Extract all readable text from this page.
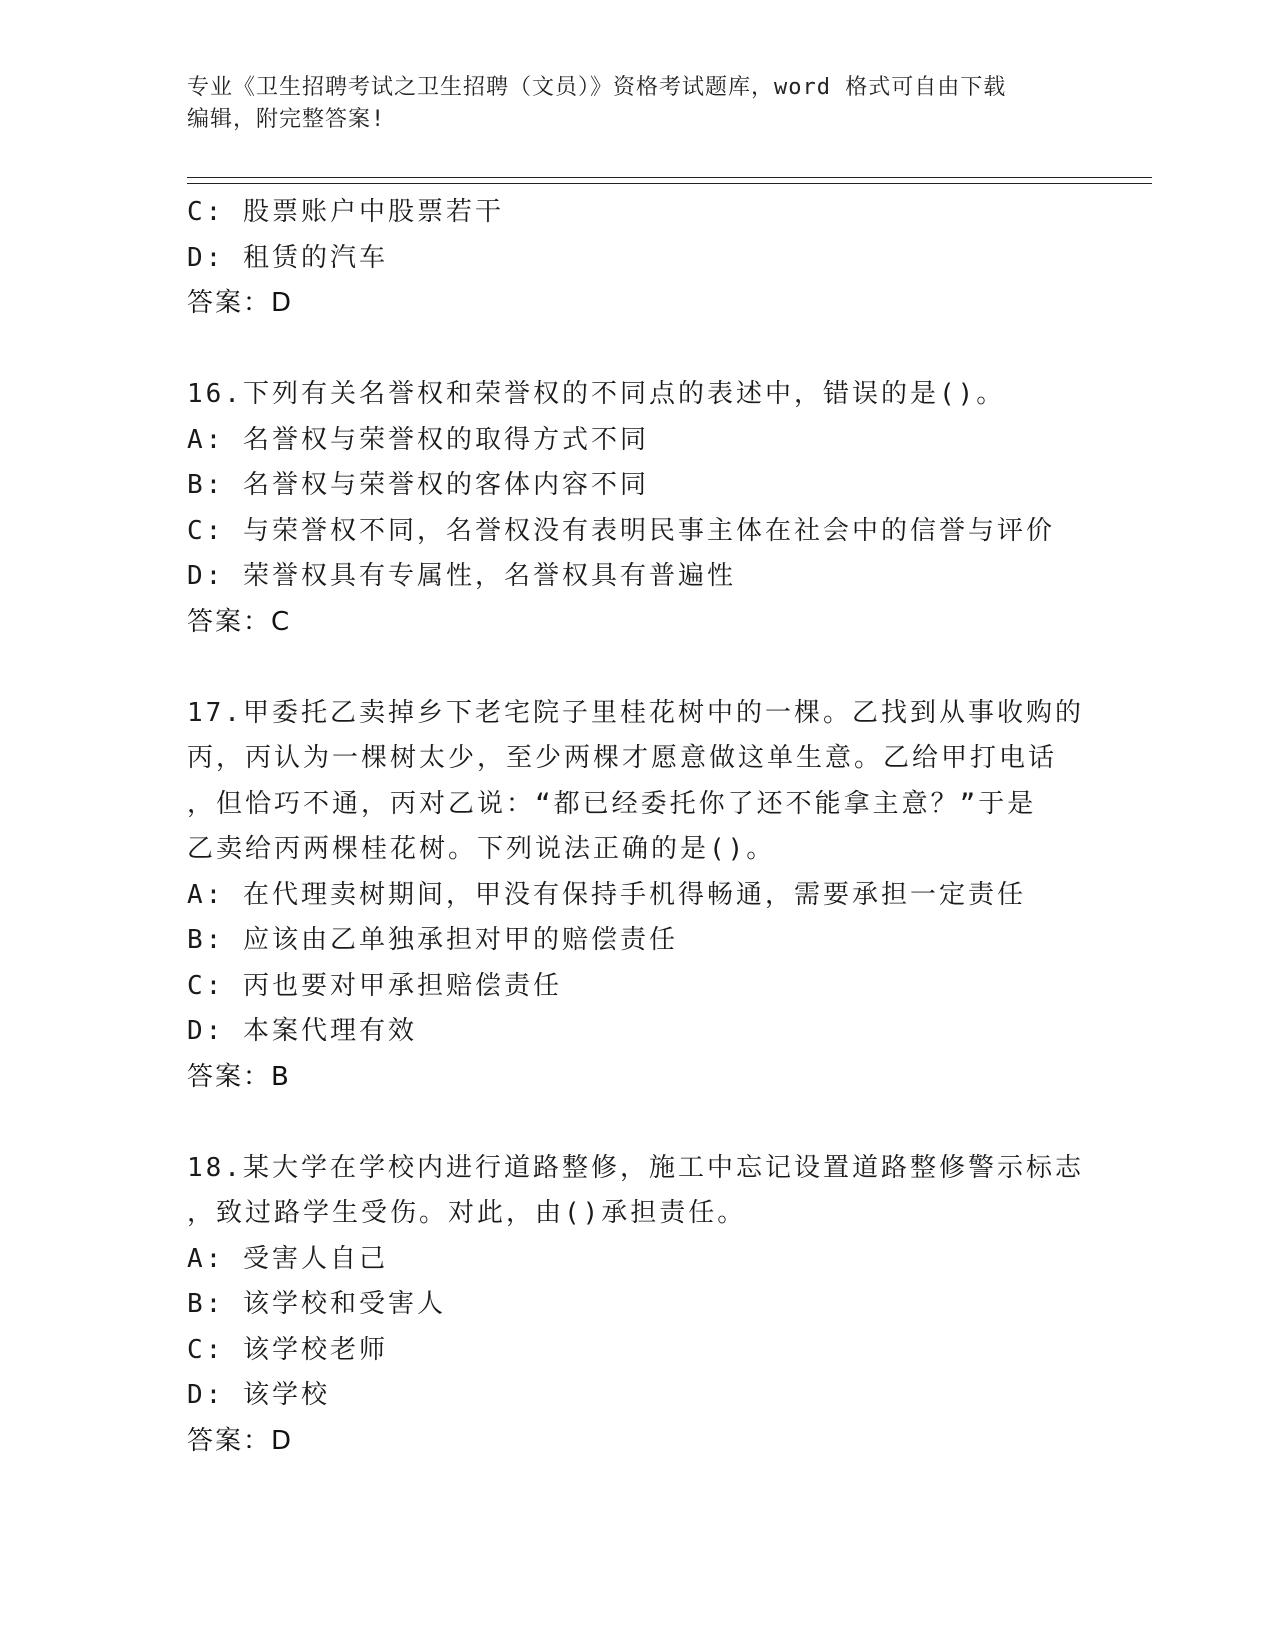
专业《卫生招聘考试之卫生招聘（文员）》资格考试题库，word 格式可自由下载
编辑，附完整答案!
C: 股票账户中股票若干
D: 租赁的汽车
答案：D
16.下列有关名誉权和荣誉权的不同点的表述中，错误的是()。
A: 名誉权与荣誉权的取得方式不同
B: 名誉权与荣誉权的客体内容不同
C: 与荣誉权不同，名誉权没有表明民事主体在社会中的信誉与评价
D: 荣誉权具有专属性，名誉权具有普遍性
答案：C
17.甲委托乙卖掉乡下老宅院子里桂花树中的一棵。乙找到从事收购的
丙，丙认为一棵树太少，至少两棵才愿意做这单生意。乙给甲打电话
，但恰巧不通，丙对乙说：“都已经委托你了还不能拿主意？”于是
乙卖给丙两棵桂花树。下列说法正确的是()。
A: 在代理卖树期间，甲没有保持手机得畅通，需要承担一定责任
B: 应该由乙单独承担对甲的赔偿责任
C: 丙也要对甲承担赔偿责任
D: 本案代理有效
答案：B
18.某大学在学校内进行道路整修，施工中忘记设置道路整修警示标志
，致过路学生受伤。对此，由()承担责任。
A: 受害人自己
B: 该学校和受害人
C: 该学校老师
D: 该学校
答案：D
